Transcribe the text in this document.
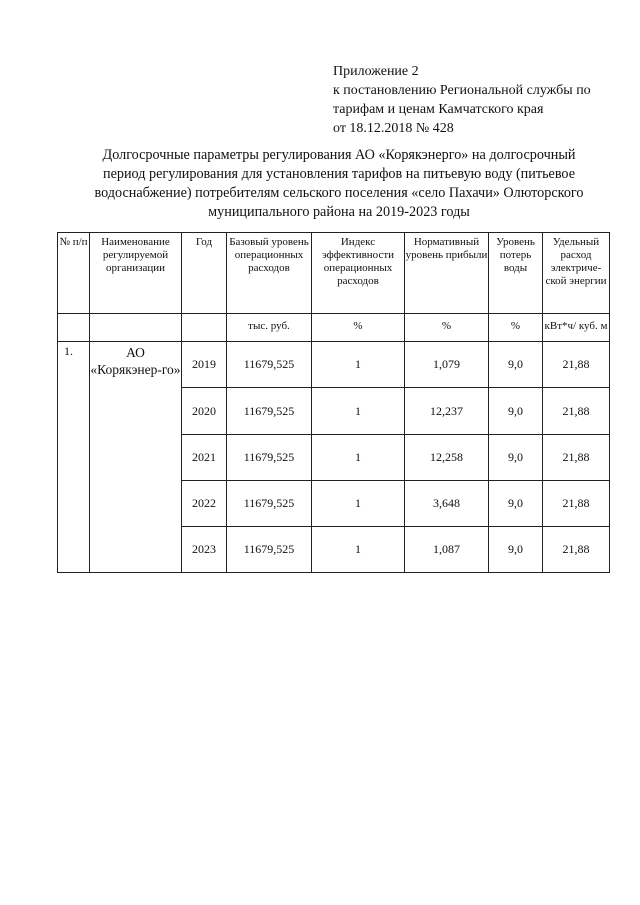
Приложение 2
к постановлению Региональной службы по
тарифам и ценам Камчатского края
от 18.12.2018 № 428
Долгосрочные параметры регулирования АО «Корякэнерго» на долгосрочный
период регулирования для установления тарифов на питьевую воду (питьевое
водоснабжение) потребителям сельского поселения «село Пахачи» Олюторского
муниципального района на 2019-2023 годы
№ п/п	Наименование регулируемой организации	Год	Базовый уровень операционных расходов	Индекс эффективности операционных расходов	Нормативный уровень прибыли	Уровень потерь воды	Удельный расход электриче-ской энергии
			тыс. руб.	%	%	%	кВт*ч/ куб. м
1.	АО «Корякэнер-го»	2019	11679,525	1	1,079	9,0	21,88
		2020	11679,525	1	12,237	9,0	21,88
		2021	11679,525	1	12,258	9,0	21,88
		2022	11679,525	1	3,648	9,0	21,88
		2023	11679,525	1	1,087	9,0	21,88
